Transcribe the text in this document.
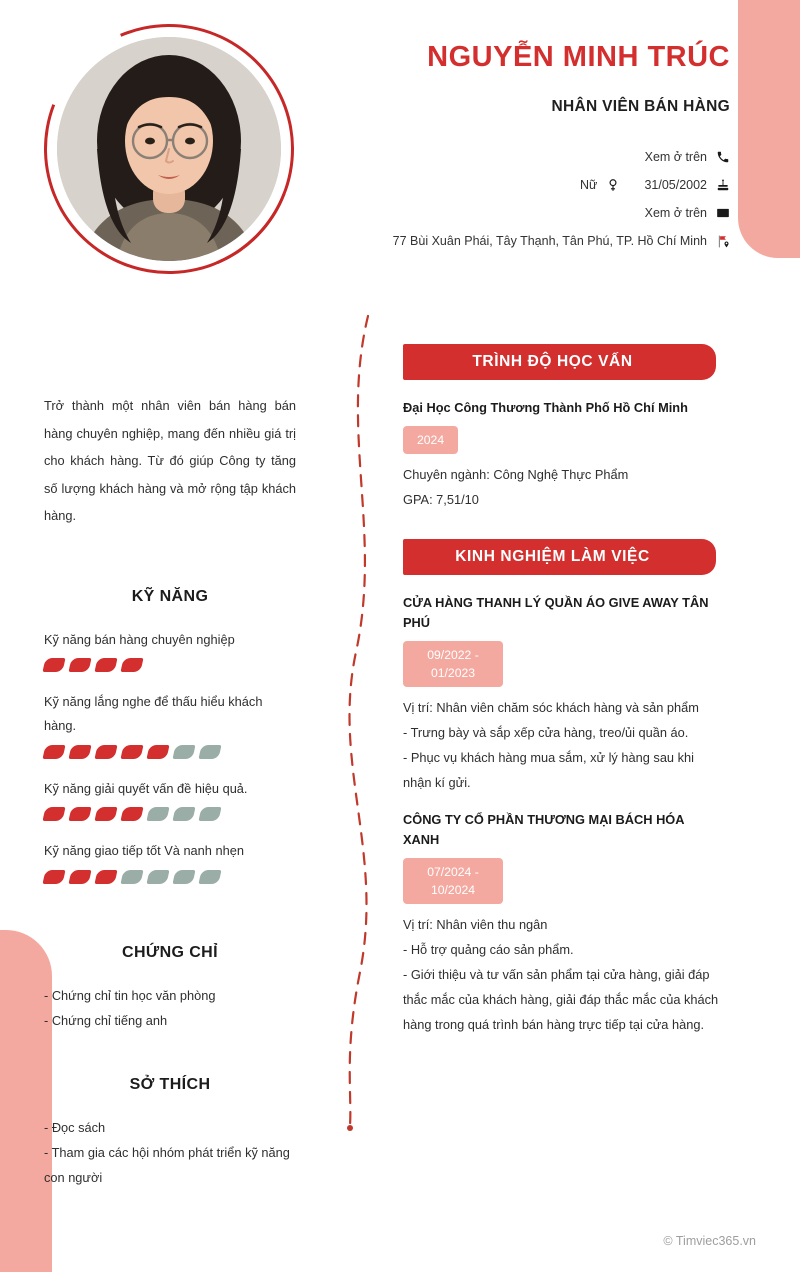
NGUYỄN MINH TRÚC
NHÂN VIÊN BÁN HÀNG
Xem ở trên
Nữ	31/05/2002
Xem ở trên
77 Bùi Xuân Phái, Tây Thạnh, Tân Phú, TP. Hồ Chí Minh

Trở thành một nhân viên bán hàng bán hàng chuyên nghiệp, mang đến nhiều giá trị cho khách hàng. Từ đó giúp Công ty tăng số lượng khách hàng và mở rộng tập khách hàng.

KỸ NĂNG

Kỹ năng bán hàng chuyên nghiệp

Kỹ năng lắng nghe để thấu hiểu khách hàng.

Kỹ năng giải quyết vấn đề hiệu quả.

Kỹ năng giao tiếp tốt Và nanh nhẹn

CHỨNG CHỈ

- Chứng chỉ tin học văn phòng

- Chứng chỉ tiếng anh

SỞ THÍCH

- Đọc sách

- Tham gia các hội nhóm phát triển kỹ năng con người

TRÌNH ĐỘ HỌC VẤN

Đại Học Công Thương Thành Phố Hồ Chí Minh

2024

Chuyên ngành: Công Nghệ Thực Phẩm

GPA: 7,51/10

KINH NGHIỆM LÀM VIỆC

CỬA HÀNG THANH LÝ QUẦN ÁO GIVE AWAY TÂN PHÚ

09/2022 - 01/2023

Vị trí: Nhân viên chăm sóc khách hàng và sản phẩm

- Trưng bày và sắp xếp cửa hàng, treo/ủi quần áo.

- Phục vụ khách hàng mua sắm, xử lý hàng sau khi nhận kí gửi.

CÔNG TY CỔ PHẦN THƯƠNG MẠI BÁCH HÓA XANH

07/2024 - 10/2024

Vị trí: Nhân viên thu ngân

- Hỗ trợ quảng cáo sản phẩm.

- Giới thiệu và tư vấn sản phẩm tại cửa hàng, giải đáp thắc mắc của khách hàng, giải đáp thắc mắc của khách hàng trong quá trình bán hàng trực tiếp tại cửa hàng.

© Timviec365.vn
